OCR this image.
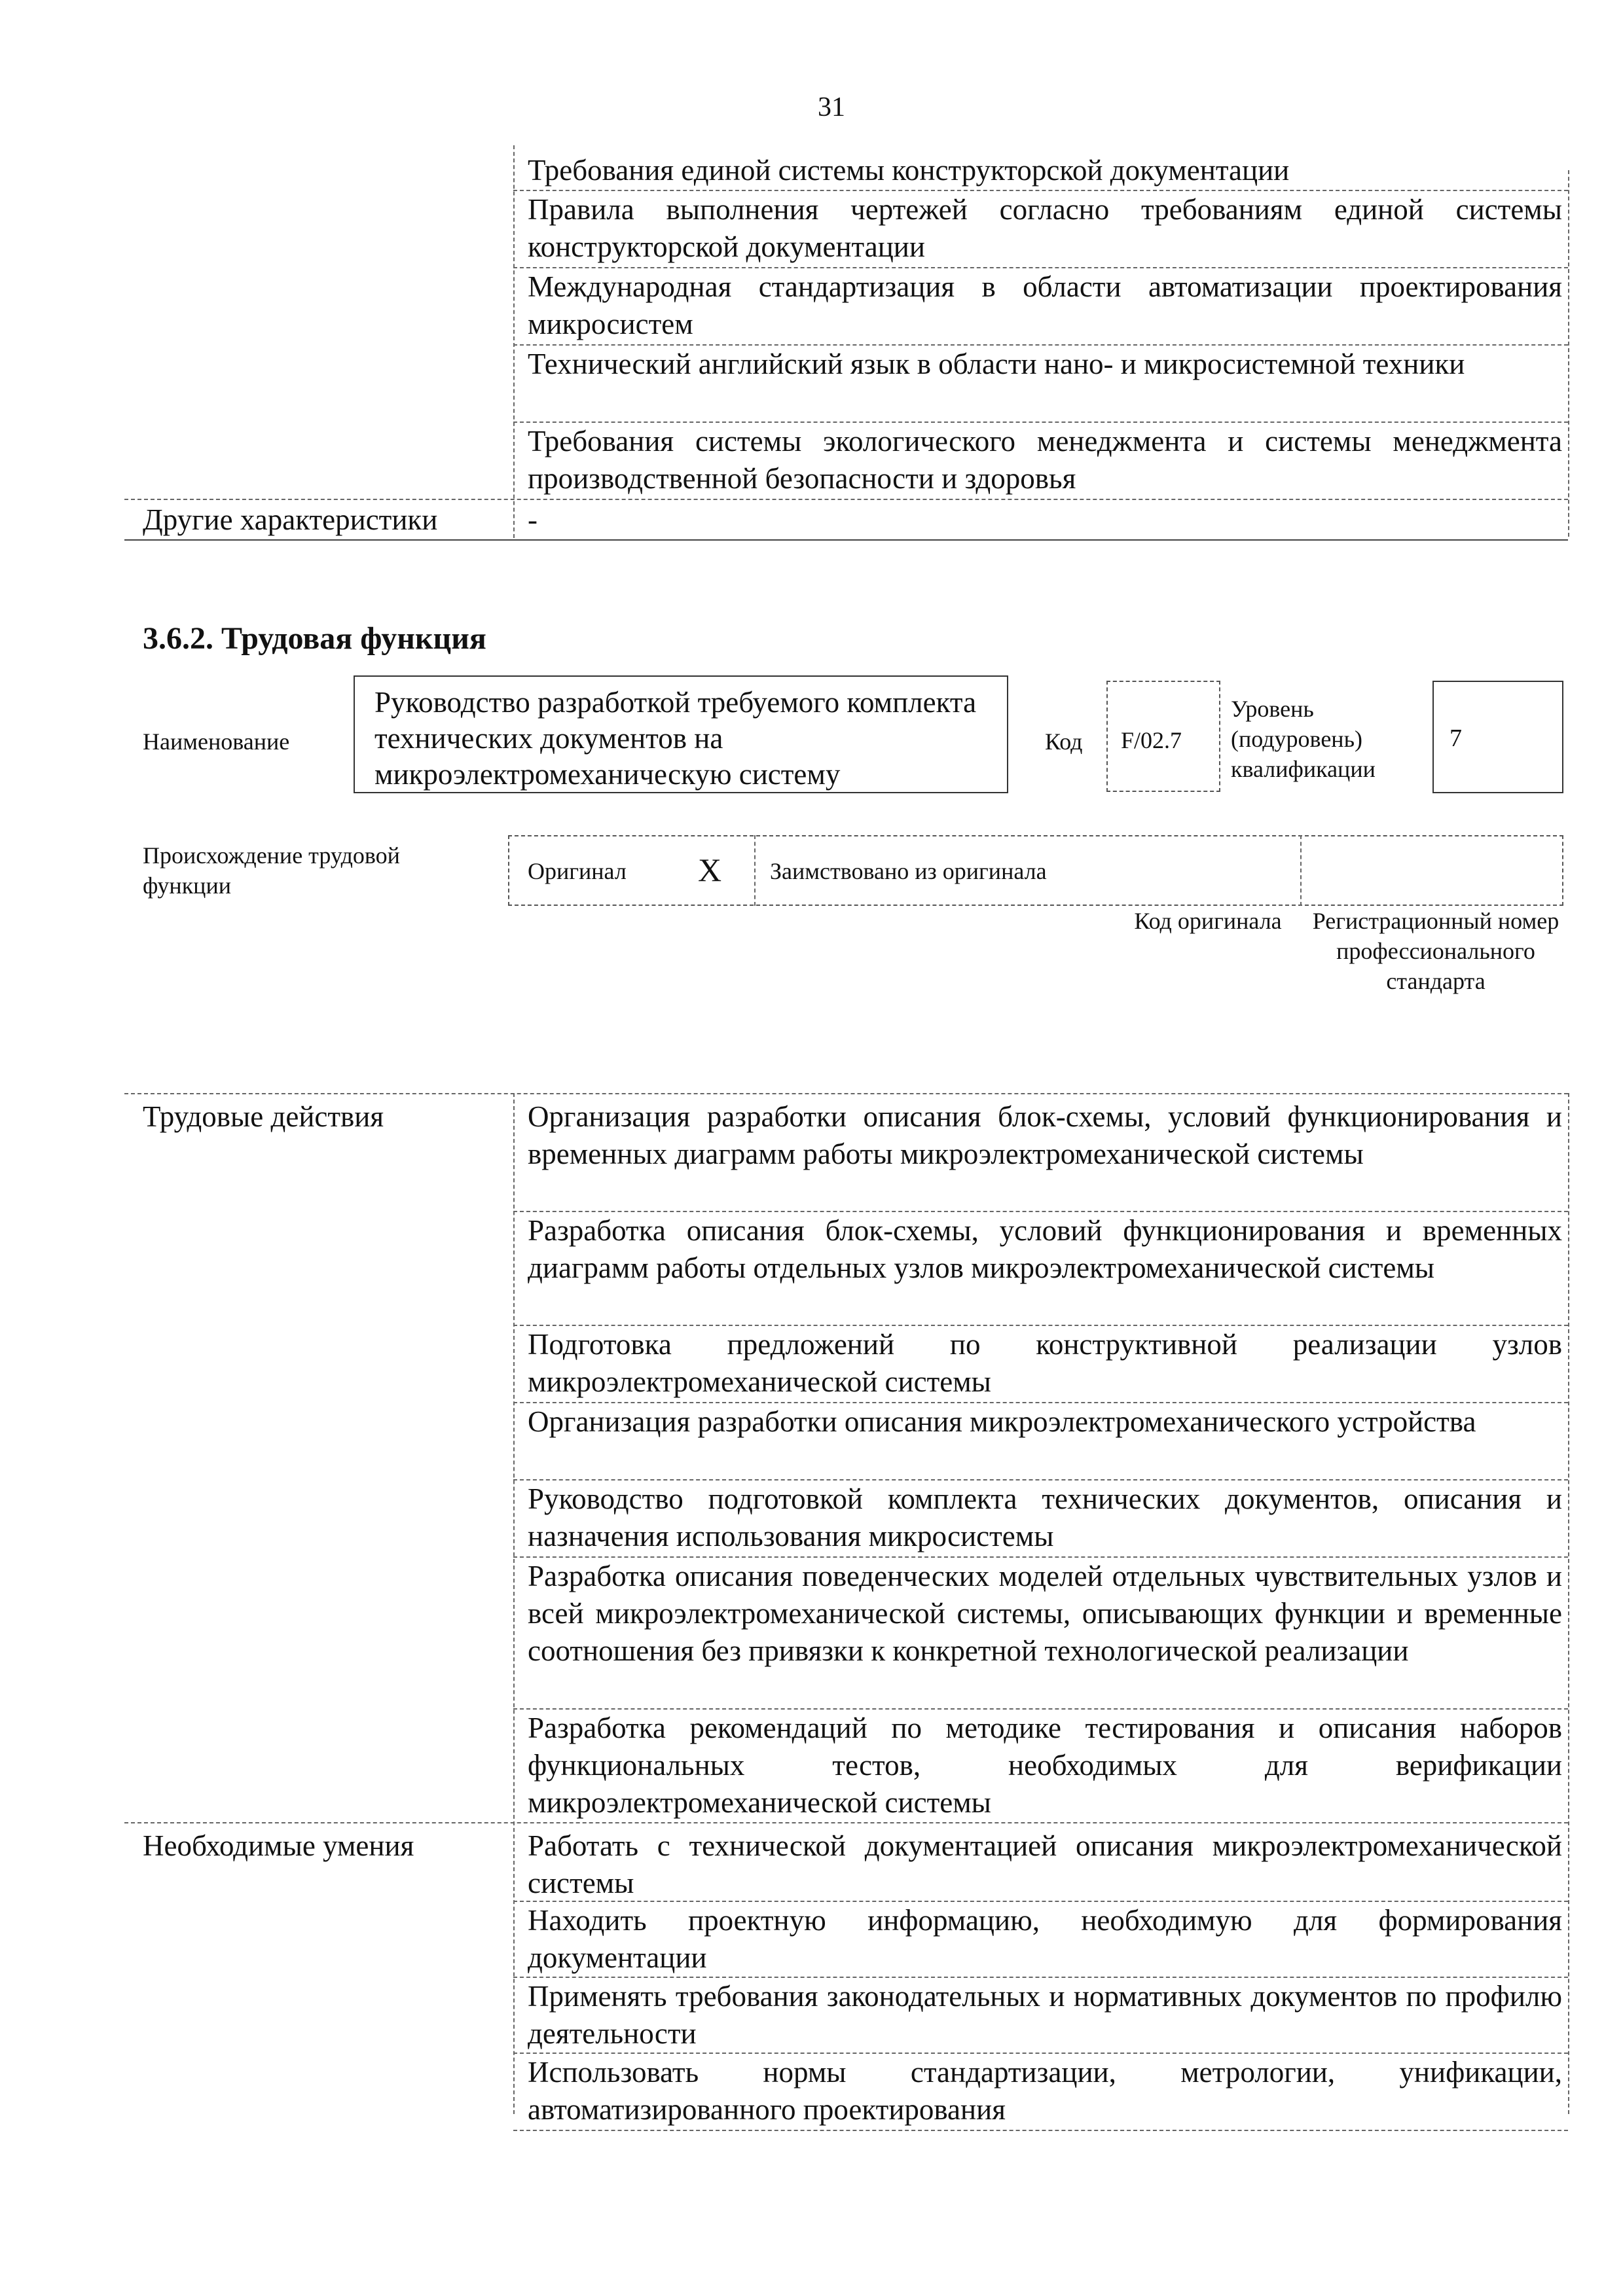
31
Требования единой системы конструкторской документации
Правила выполнения чертежей согласно требованиям единой системы конструкторской документации
Международная стандартизация в области автоматизации проектирования микросистем
Технический английский язык в области нано- и микросистемной техники
Требования системы экологического менеджмента и системы менеджмента производственной безопасности и здоровья
Другие характеристики	-
3.6.2. Трудовая функция
Наименование
Руководство разработкой требуемого комплекта технических документов на микроэлектромеханическую систему
Код F/02.7
Уровень (подуровень) квалификации
7
Происхождение трудовой функции
Оригинал X Заимствовано из оригинала
Код оригинала	Регистрационный номер профессионального стандарта
Трудовые действия	Организация разработки описания блок-схемы, условий функционирования и временных диаграмм работы микроэлектромеханической системы
Разработка описания блок-схемы, условий функционирования и временных диаграмм работы отдельных узлов микроэлектромеханической системы
Подготовка предложений по конструктивной реализации узлов микроэлектромеханической системы
Организация разработки описания микроэлектромеханического устройства
Руководство подготовкой комплекта технических документов, описания и назначения использования микросистемы
Разработка описания поведенческих моделей отдельных чувствительных узлов и всей микроэлектромеханической системы, описывающих функции и временные соотношения без привязки к конкретной технологической реализации
Разработка рекомендаций по методике тестирования и описания наборов функциональных тестов, необходимых для верификации микроэлектромеханической системы
Необходимые умения	Работать с технической документацией описания микроэлектромеханической системы
Находить проектную информацию, необходимую для формирования документации
Применять требования законодательных и нормативных документов по профилю деятельности
Использовать нормы стандартизации, метрологии, унификации, автоматизированного проектирования
